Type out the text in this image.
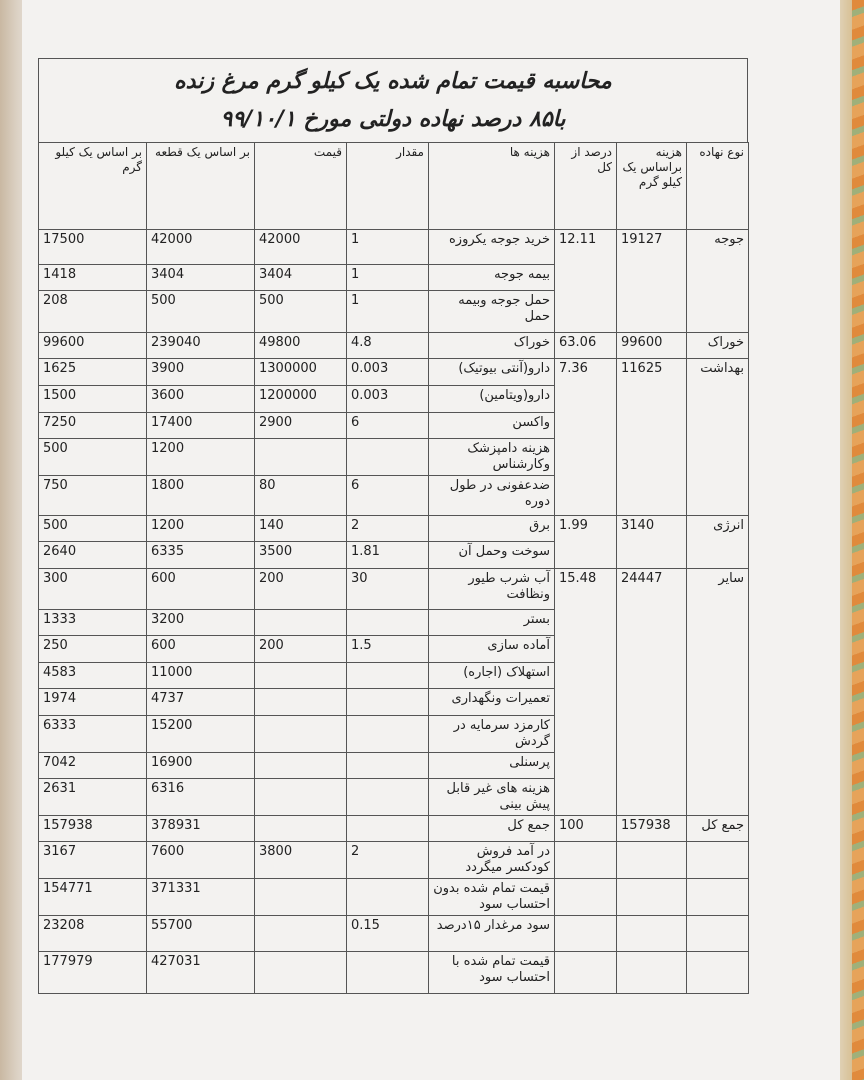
محاسبه قیمت تمام شده یک کیلو گرم مرغ زنده
با۸۵ درصد نهاده دولتی مورخ ۹۹/۱۰/۱
نوع نهاده	هزینه براساس یک کیلو گرم	درصد از کل	هزینه ها	مقدار	قیمت	بر اساس یک قطعه	بر اساس یک کیلو گرم
جوجه	19127	12.11	خرید جوجه یکروزه	1	42000	42000	17500
			بیمه جوجه	1	3404	3404	1418
			حمل جوجه وبیمه حمل	1	500	500	208
خوراک	99600	63.06	خوراک	4.8	49800	239040	99600
بهداشت	11625	7.36	دارو(آنتی بیوتیک)	0.003	1300000	3900	1625
			دارو(ویتامین)	0.003	1200000	3600	1500
			واکسن	6	2900	17400	7250
			هزینه دامپزشک وکارشناس			1200	500
			ضدعفونی در طول دوره	6	80	1800	750
انرژی	3140	1.99	برق	2	140	1200	500
			سوخت وحمل آن	1.81	3500	6335	2640
سایر	24447	15.48	آب شرب طیور ونظافت	30	200	600	300
			بستر			3200	1333
			آماده سازی	1.5	200	600	250
			استهلاک (اجاره)			11000	4583
			تعمیرات ونگهداری			4737	1974
			کارمزد سرمایه در گردش			15200	6333
			پرسنلی			16900	7042
			هزینه های غیر قابل پیش بینی			6316	2631
جمع کل	157938	100	جمع کل			378931	157938
			در آمد فروش کودکسر میگردد	2	3800	7600	3167
			قیمت تمام شده بدون احتساب سود			371331	154771
			سود مرغدار ۱۵درصد	0.15		55700	23208
			قیمت تمام شده با احتساب سود			427031	177979
